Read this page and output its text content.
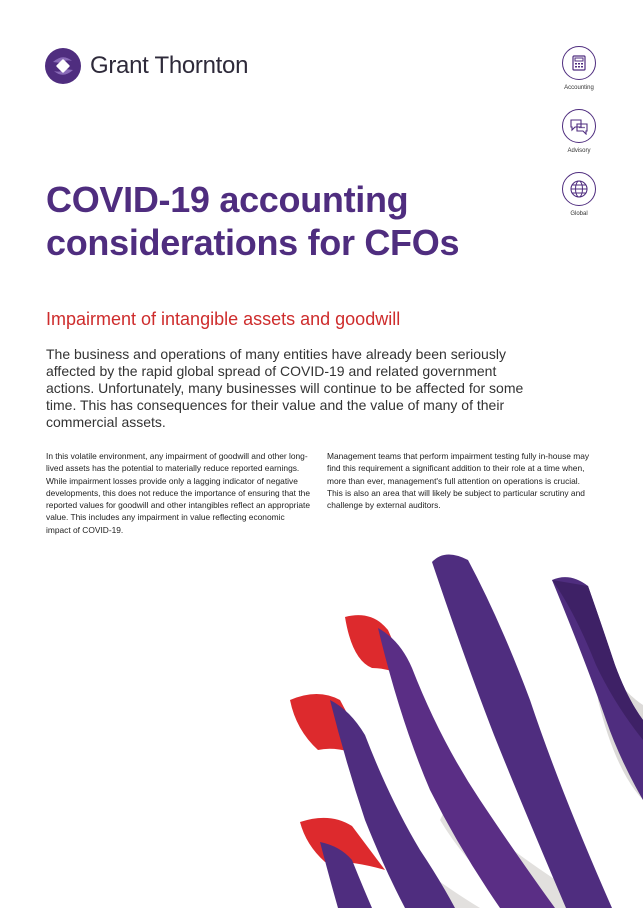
Grant Thornton
Accounting
Advisory
Global
COVID-19 accounting
considerations for CFOs
Impairment of intangible assets and goodwill

The business and operations of many entities have already been seriously affected by the rapid global spread of COVID-19 and related government actions. Unfortunately, many businesses will continue to be affected for some time. This has consequences for their value and the value of many of their commercial assets.

In this volatile environment, any impairment of goodwill and other long-lived assets has the potential to materially reduce reported earnings. While impairment losses provide only a lagging indicator of negative developments, this does not reduce the importance of ensuring that the reported values for goodwill and other intangibles reflect an appropriate value. This includes any impairment in value reflecting economic impact of COVID-19.

Management teams that perform impairment testing fully in-house may find this requirement a significant addition to their role at a time when, more than ever, management's full attention on operations is crucial. This is also an area that will likely be subject to particular scrutiny and challenge by external auditors.
